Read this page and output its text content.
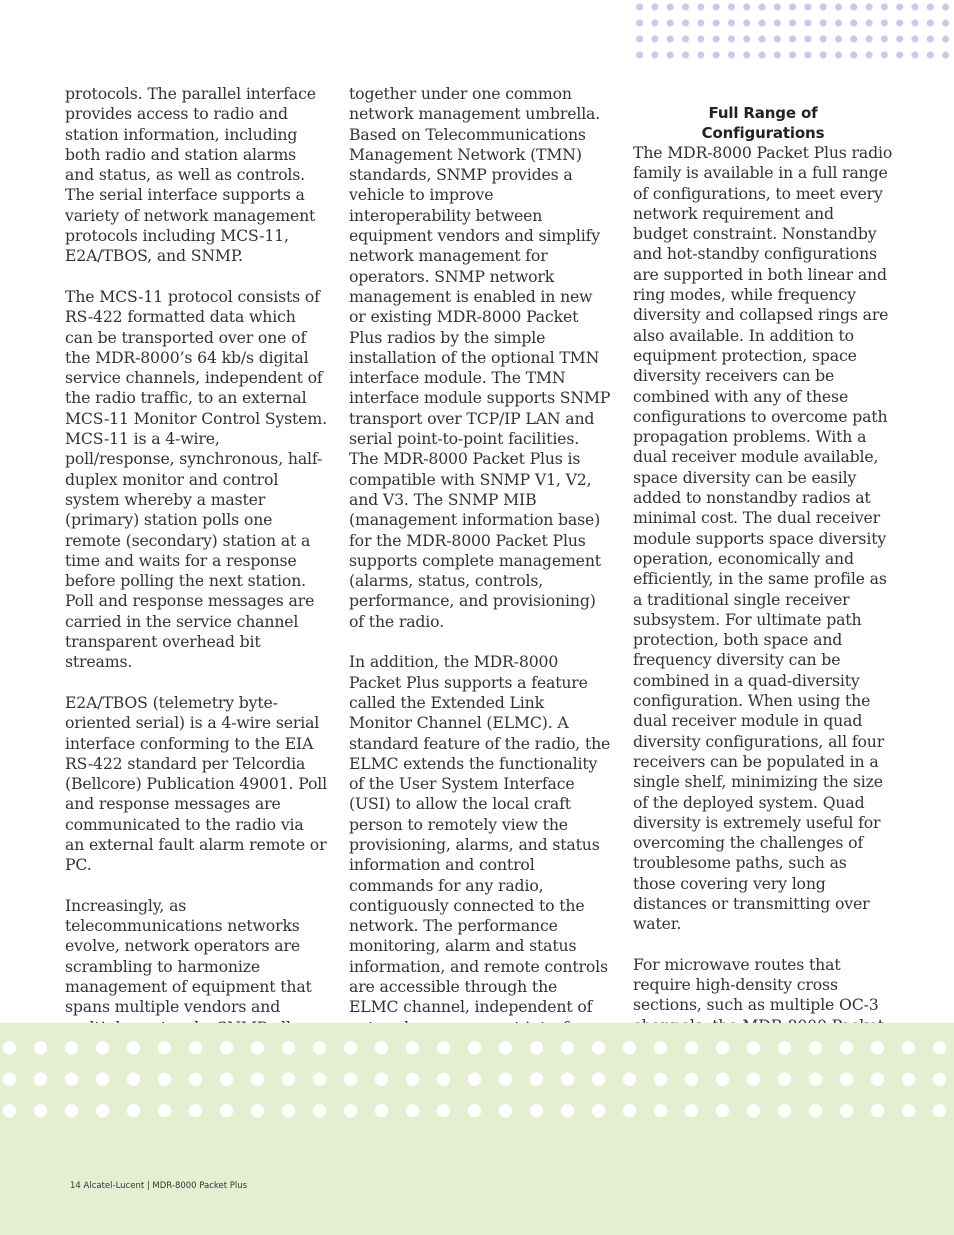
protocols. The parallel interface provides access to radio and station information, including both radio and station alarms and status, as well as controls. The serial interface supports a variety of network management protocols including MCS-11, E2A/TBOS, and SNMP.

The MCS-11 protocol consists of RS-422 formatted data which can be transported over one of the MDR-8000’s 64 kb/s digital service channels, independent of the radio traffic, to an external MCS-11 Monitor Control System. MCS-11 is a 4-wire, poll/response, synchronous, half-duplex monitor and control system whereby a master (primary) station polls one remote (secondary) station at a time and waits for a response before polling the next station. Poll and response messages are carried in the service channel transparent overhead bit streams.

E2A/TBOS (telemetry byte-oriented serial) is a 4-wire serial interface conforming to the EIA RS-422 standard per Telcordia (Bellcore) Publication 49001. Poll and response messages are communicated to the radio via an external fault alarm remote or PC.

Increasingly, as telecommunications networks evolve, network operators are scrambling to harmonize management of equipment that spans multiple vendors and

together under one common network management umbrella. Based on Telecommunications Management Network (TMN) standards, SNMP provides a vehicle to improve interoperability between equipment vendors and simplify network management for operators. SNMP network management is enabled in new or existing MDR-8000 Packet Plus radios by the simple installation of the optional TMN interface module. The TMN interface module supports SNMP transport over TCP/IP LAN and serial point-to-point facilities. The MDR-8000 Packet Plus is compatible with SNMP V1, V2, and V3. The SNMP MIB (management information base) for the MDR-8000 Packet Plus supports complete management (alarms, status, controls, performance, and provisioning) of the radio.

In addition, the MDR-8000 Packet Plus supports a feature called the Extended Link Monitor Channel (ELMC). A standard feature of the radio, the ELMC extends the functionality of the User System Interface (USI) to allow the local craft person to remotely view the provisioning, alarms, and status information and control commands for any radio, contiguously connected to the network. The performance monitoring, alarm and status information, and remote controls are accessible through the ELMC channel, independent of

Full Range of
Configurations

The MDR-8000 Packet Plus radio family is available in a full range of configurations, to meet every network requirement and budget constraint. Nonstandby and hot-standby configurations are supported in both linear and ring modes, while frequency diversity and collapsed rings are also available. In addition to equipment protection, space diversity receivers can be combined with any of these configurations to overcome path propagation problems. With a dual receiver module available, space diversity can be easily added to nonstandby radios at minimal cost. The dual receiver module supports space diversity operation, economically and efficiently, in the same profile as a traditional single receiver subsystem. For ultimate path protection, both space and frequency diversity can be combined in a quad-diversity configuration. When using the dual receiver module in quad diversity configurations, all four receivers can be populated in a single shelf, minimizing the size of the deployed system. Quad diversity is extremely useful for overcoming the challenges of troublesome paths, such as those covering very long distances or transmitting over water.

For microwave routes that require high-density cross sections, such as multiple OC-3

14 Alcatel-Lucent | MDR-8000 Packet Plus
